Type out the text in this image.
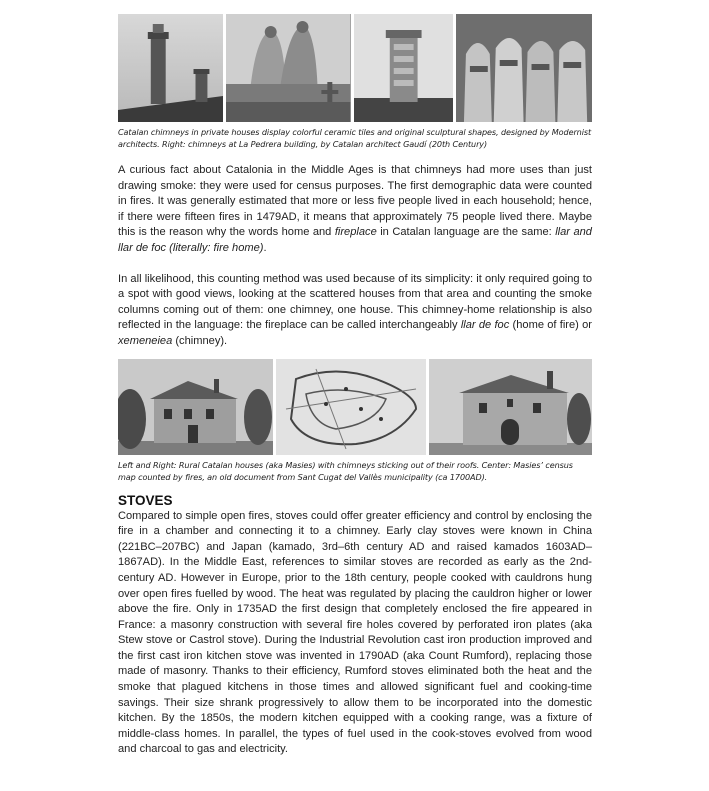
Catalan chimneys in private houses display colorful ceramic tiles and original sculptural shapes, designed by Modernist architects. Right: chimneys at La Pedrera building, by Catalan architect Gaudí (20th Century)

A curious fact about Catalonia in the Middle Ages is that chimneys had more uses than just drawing smoke: they were used for census purposes. The first demographic data were counted in fires. It was generally estimated that more or less five people lived in each household; hence, if there were fifteen fires in 1479AD, it means that approximately 75 people lived there. Maybe this is the reason why the words home and fireplace in Catalan language are the same: llar and llar de foc (literally: fire home).

In all likelihood, this counting method was used because of its simplicity: it only required going to a spot with good views, looking at the scattered houses from that area and counting the smoke columns coming out of them: one chimney, one house. This chimney-home relationship is also reflected in the language: the fireplace can be called interchangeably llar de foc (home of fire) or xemeneiea (chimney).

Left and Right: Rural Catalan houses (aka Masies) with chimneys sticking out of their roofs. Center: Masies’ census map counted by fires, an old document from Sant Cugat del Vallès municipality (ca 1700AD).
STOVES

Compared to simple open fires, stoves could offer greater efficiency and control by enclosing the fire in a chamber and connecting it to a chimney. Early clay stoves were known in China (221BC–207BC) and Japan (kamado, 3rd–6th century AD and raised kamados 1603AD–1867AD). In the Middle East, references to similar stoves are recorded as early as the 2nd-century AD. However in Europe, prior to the 18th century, people cooked with cauldrons hung over open fires fuelled by wood. The heat was regulated by placing the cauldron higher or lower above the fire. Only in 1735AD the first design that completely enclosed the fire appeared in France: a masonry construction with several fire holes covered by perforated iron plates (aka Stew stove or Castrol stove). During the Industrial Revolution cast iron production improved and the first cast iron kitchen stove was invented in 1790AD (aka Count Rumford), replacing those made of masonry. Thanks to their efficiency, Rumford stoves eliminated both the heat and the smoke that plagued kitchens in those times and allowed significant fuel and cooking-time savings. Their size shrank progressively to allow them to be incorporated into the domestic kitchen. By the 1850s, the modern kitchen equipped with a cooking range, was a fixture of middle-class homes. In parallel, the types of fuel used in the cook-stoves evolved from wood and charcoal to gas and electricity.
